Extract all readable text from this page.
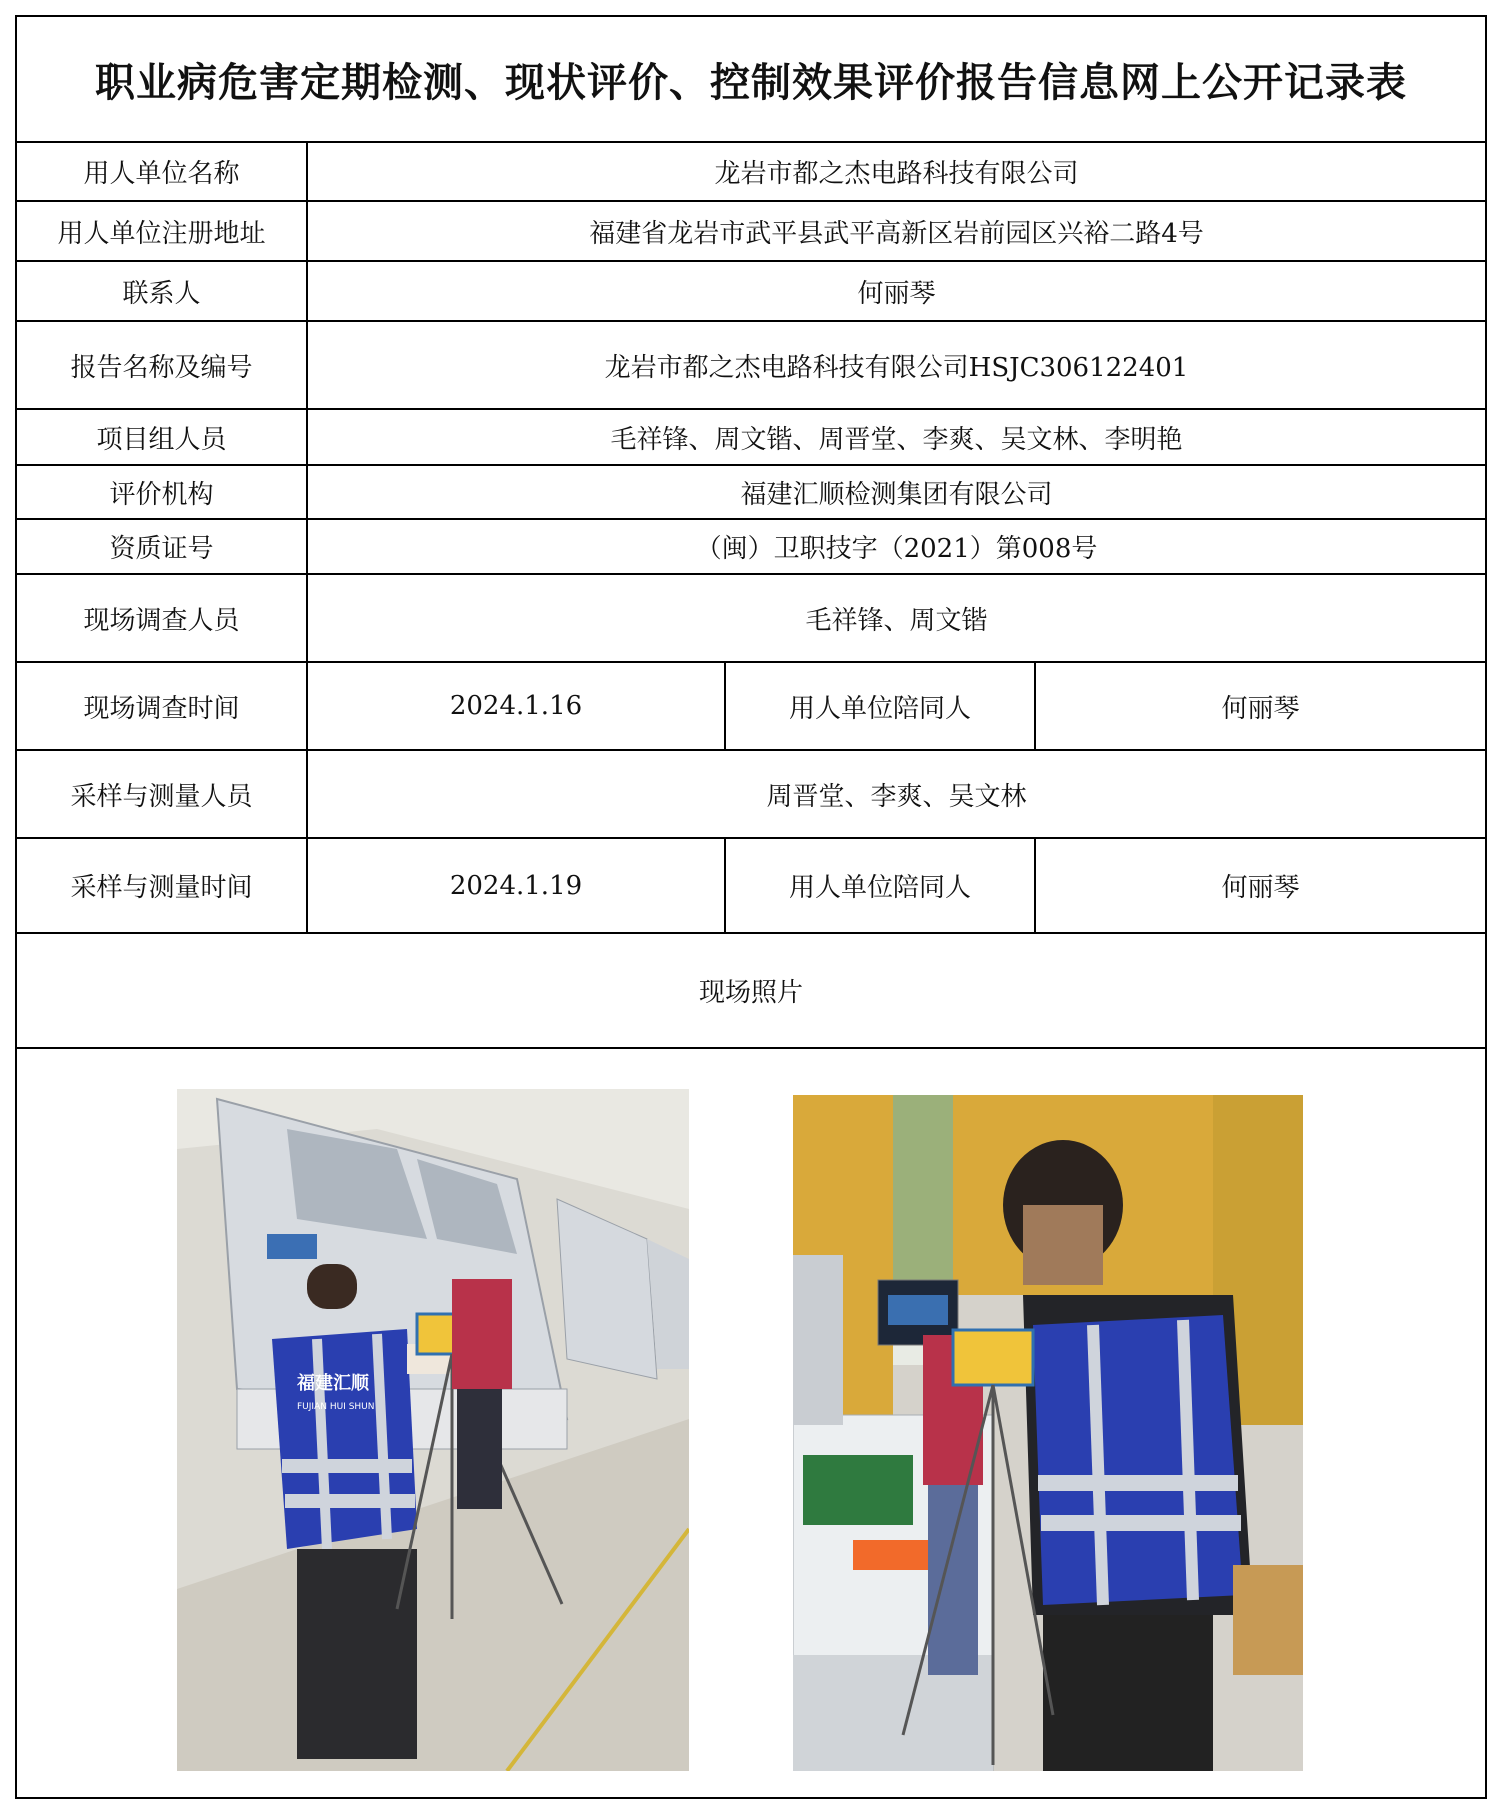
职业病危害定期检测、现状评价、控制效果评价报告信息网上公开记录表
用人单位名称	龙岩市都之杰电路科技有限公司		
用人单位注册地址	福建省龙岩市武平县武平高新区岩前园区兴裕二路4号		
联系人	何丽琴		
报告名称及编号	龙岩市都之杰电路科技有限公司HSJC306122401		
项目组人员	毛祥锋、周文锴、周晋堂、李爽、吴文林、李明艳		
评价机构	福建汇顺检测集团有限公司		
资质证号	（闽）卫职技字（2021）第008号		
现场调查人员	毛祥锋、周文锴		
现场调查时间	2024.1.16	用人单位陪同人	何丽琴
采样与测量人员	周晋堂、李爽、吴文林		
采样与测量时间	2024.1.19	用人单位陪同人	何丽琴
现场照片			
福建汇顺
FUJIAN HUI SHUN
